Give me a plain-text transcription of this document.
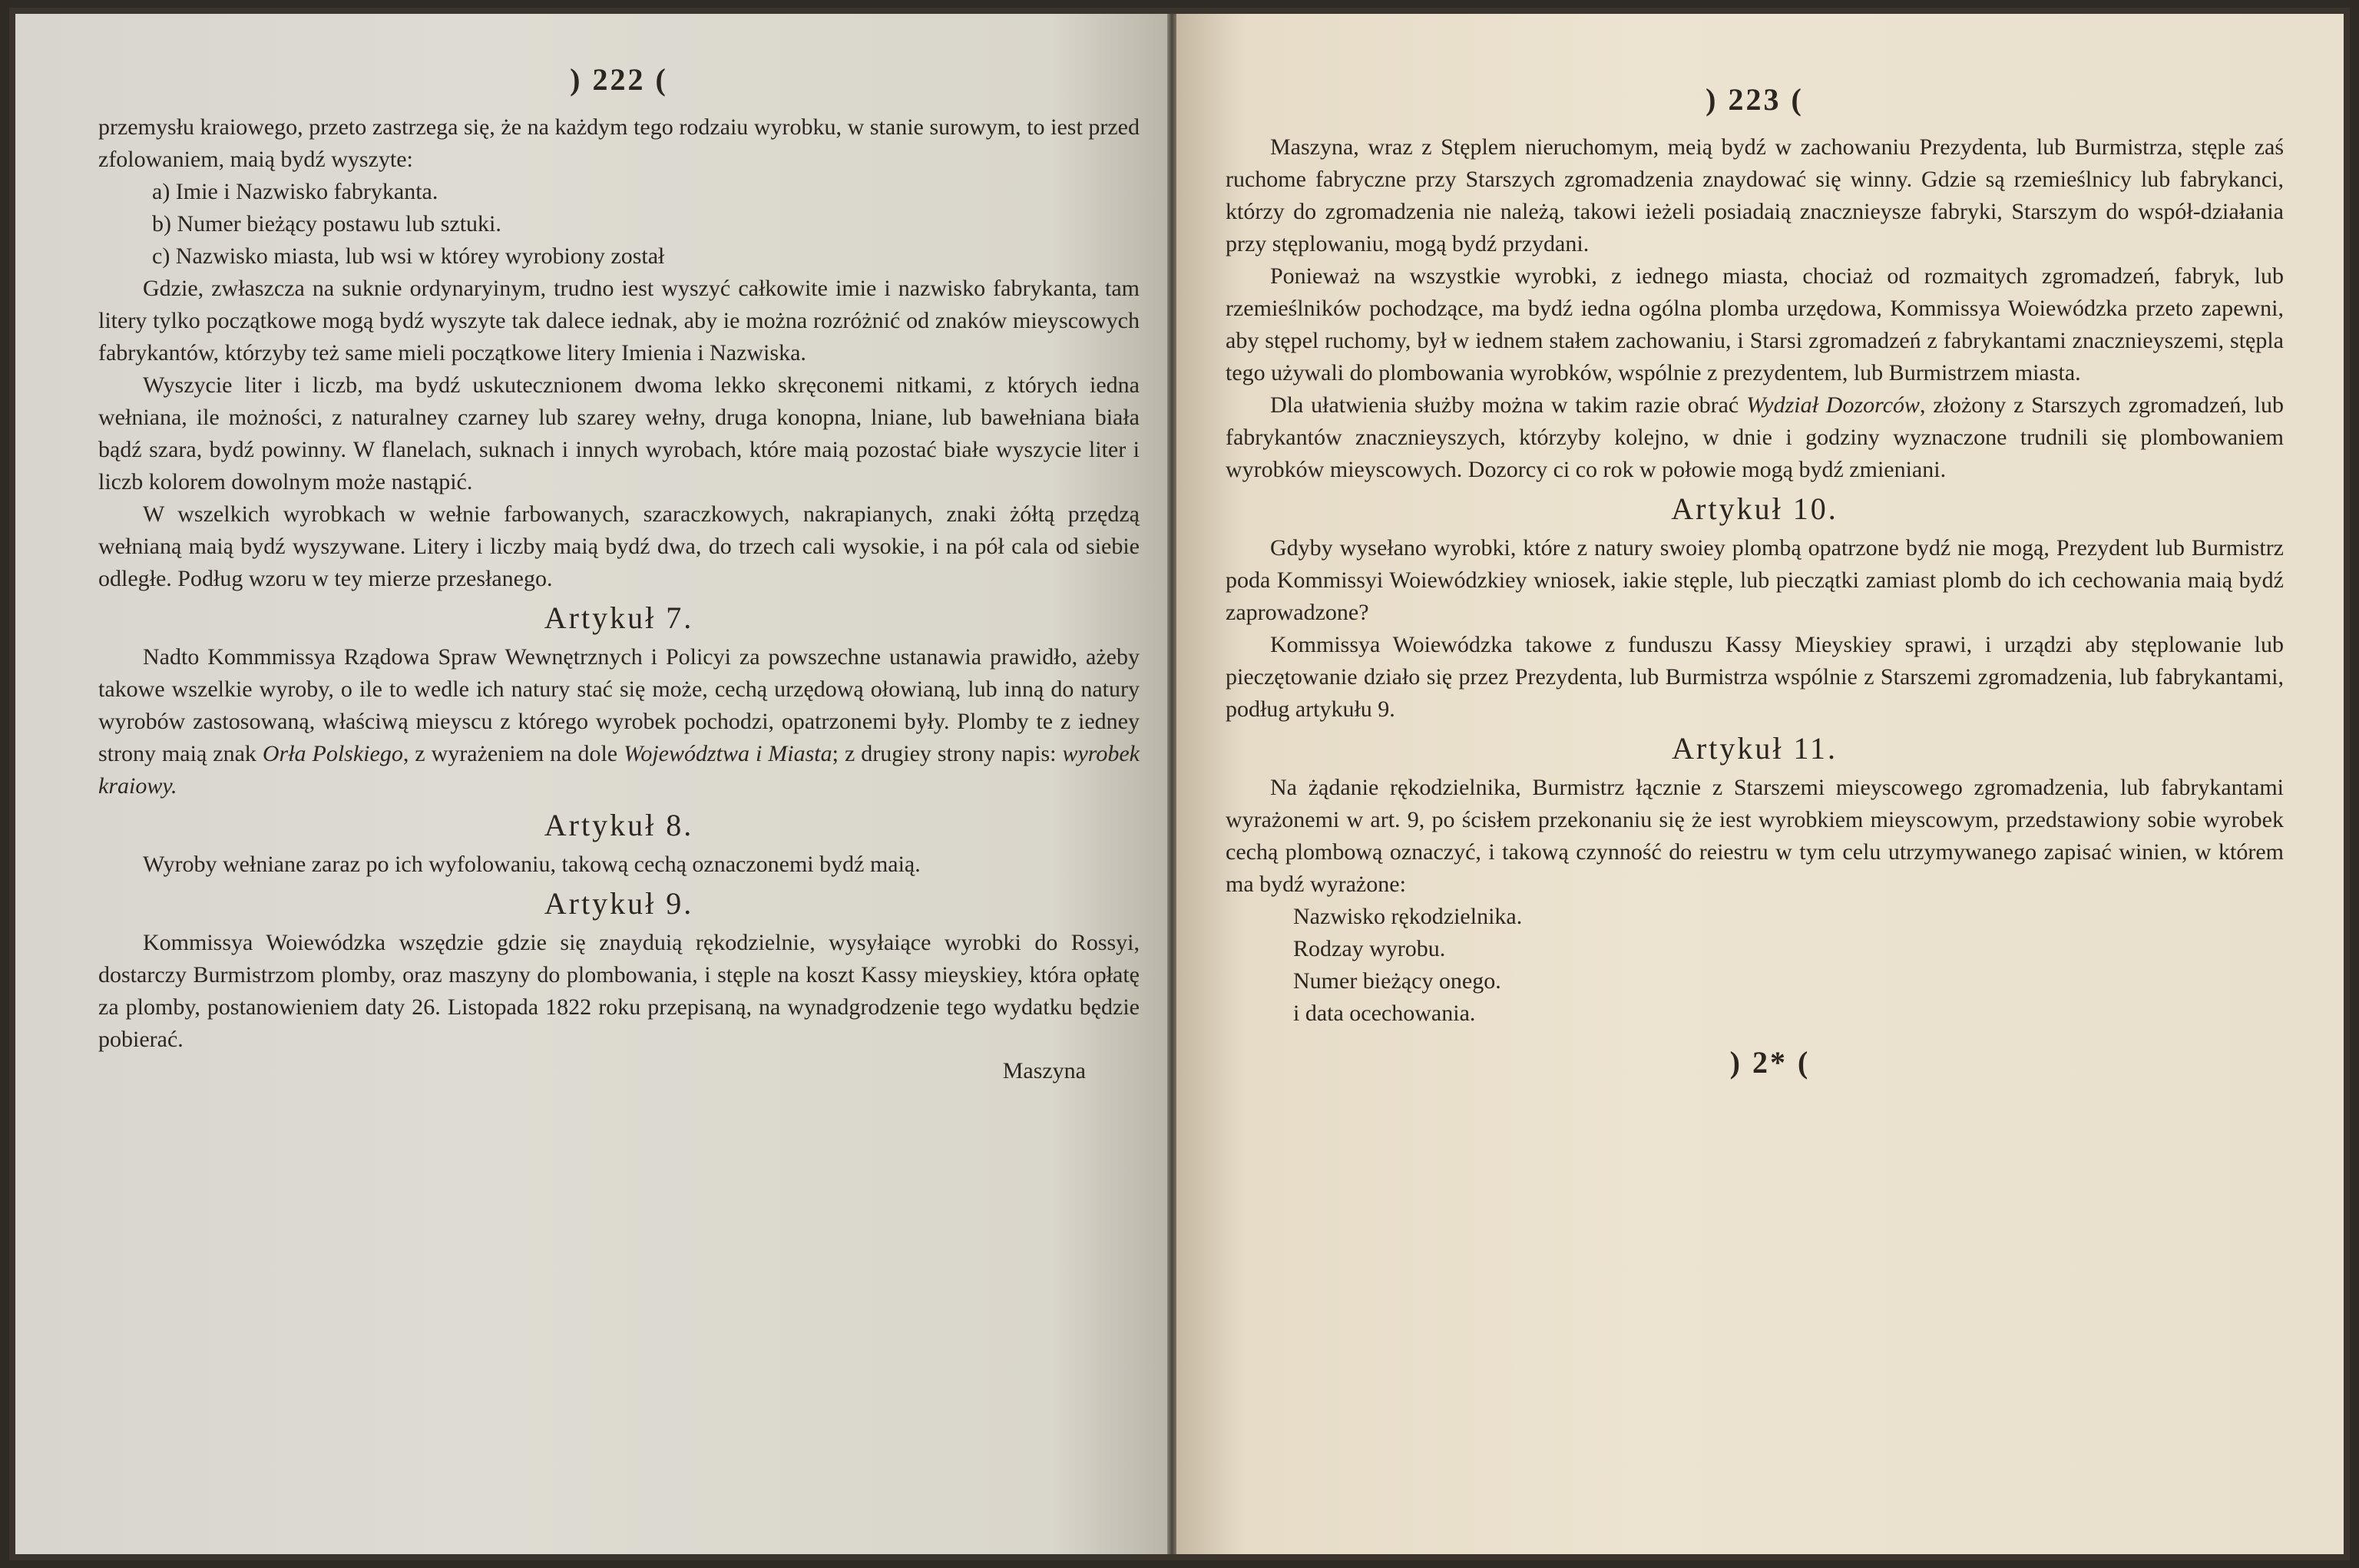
) 222 (

przemysłu kraiowego, przeto zastrzega się, że na każdym tego rodzaiu wyrobku, w stanie surowym, to iest przed zfolowaniem, maią bydź wyszyte:

a) Imie i Nazwisko fabrykanta.

b) Numer bieżący postawu lub sztuki.

c) Nazwisko miasta, lub wsi w którey wyrobiony został

Gdzie, zwłaszcza na suknie ordynaryinym, trudno iest wyszyć całkowite imie i nazwisko fabrykanta, tam litery tylko początkowe mogą bydź wyszyte tak dalece iednak, aby ie można rozróżnić od znaków mieyscowych fabrykantów, którzyby też same mieli początkowe litery Imienia i Nazwiska.

Wyszycie liter i liczb, ma bydź uskutecznionem dwoma lekko skręconemi nitkami, z których iedna wełniana, ile możności, z naturalney czarney lub szarey wełny, druga konopna, lniane, lub bawełniana biała bądź szara, bydź powinny. W flanelach, suknach i innych wyrobach, które maią pozostać białe wyszycie liter i liczb kolorem dowolnym może nastąpić.

W wszelkich wyrobkach w wełnie farbowanych, szaraczkowych, nakrapianych, znaki żółtą przędzą wełnianą maią bydź wyszywane. Litery i liczby maią bydź dwa, do trzech cali wysokie, i na pół cala od siebie odległe. Podług wzoru w tey mierze przesłanego.

Artykuł 7.

Nadto Kommmissya Rządowa Spraw Wewnętrznych i Policyi za powszechne ustanawia prawidło, ażeby takowe wszelkie wyroby, o ile to wedle ich natury stać się może, cechą urzędową ołowianą, lub inną do natury wyrobów zastosowaną, właściwą mieyscu z którego wyrobek pochodzi, opatrzonemi były. Plomby te z iedney strony maią znak Orła Polskiego, z wyrażeniem na dole Województwa i Miasta; z drugiey strony napis: wyrobek kraiowy.

Artykuł 8.

Wyroby wełniane zaraz po ich wyfolowaniu, takową cechą oznaczonemi bydź maią.

Artykuł 9.

Kommissya Woiewódzka wszędzie gdzie się znayduią rękodzielnie, wysyłaiące wyrobki do Rossyi, dostarczy Burmistrzom plomby, oraz maszyny do plombowania, i stęple na koszt Kassy mieyskiey, która opłatę za plomby, postanowieniem daty 26. Listopada 1822 roku przepisaną, na wynadgrodzenie tego wydatku będzie pobierać.

Maszyna
) 223 (

Maszyna, wraz z Stęplem nieruchomym, meią bydź w zachowaniu Prezydenta, lub Burmistrza, stęple zaś ruchome fabryczne przy Starszych zgromadzenia znaydować się winny. Gdzie są rzemieślnicy lub fabrykanci, którzy do zgromadzenia nie należą, takowi ieżeli posiadaią znacznieysze fabryki, Starszym do współ-działania przy stęplowaniu, mogą bydź przydani.

Ponieważ na wszystkie wyrobki, z iednego miasta, chociaż od rozmaitych zgromadzeń, fabryk, lub rzemieślników pochodzące, ma bydź iedna ogólna plomba urzędowa, Kommissya Woiewódzka przeto zapewni, aby stępel ruchomy, był w iednem stałem zachowaniu, i Starsi zgromadzeń z fabrykantami znacznieyszemi, stępla tego używali do plombowania wyrobków, wspólnie z prezydentem, lub Burmistrzem miasta.

Dla ułatwienia służby można w takim razie obrać Wydział Dozorców, złożony z Starszych zgromadzeń, lub fabrykantów znacznieyszych, którzyby kolejno, w dnie i godziny wyznaczone trudnili się plombowaniem wyrobków mieyscowych. Dozorcy ci co rok w połowie mogą bydź zmieniani.

Artykuł 10.

Gdyby wysełano wyrobki, które z natury swoiey plombą opatrzone bydź nie mogą, Prezydent lub Burmistrz poda Kommissyi Woiewódzkiey wniosek, iakie stęple, lub pieczątki zamiast plomb do ich cechowania maią bydź zaprowadzone?

Kommissya Woiewódzka takowe z funduszu Kassy Mieyskiey sprawi, i urządzi aby stęplowanie lub pieczętowanie działo się przez Prezydenta, lub Burmistrza wspólnie z Starszemi zgromadzenia, lub fabrykantami, podług artykułu 9.

Artykuł 11.

Na żądanie rękodzielnika, Burmistrz łącznie z Starszemi mieyscowego zgromadzenia, lub fabrykantami wyrażonemi w art. 9, po ścisłem przekonaniu się że iest wyrobkiem mieyscowym, przedstawiony sobie wyrobek cechą plombową oznaczyć, i takową czynność do reiestru w tym celu utrzymywanego zapisać winien, w którem ma bydź wyrażone:

Nazwisko rękodzielnika.

Rodzay wyrobu.

Numer bieżący onego.

i data ocechowania.

) 2* (
